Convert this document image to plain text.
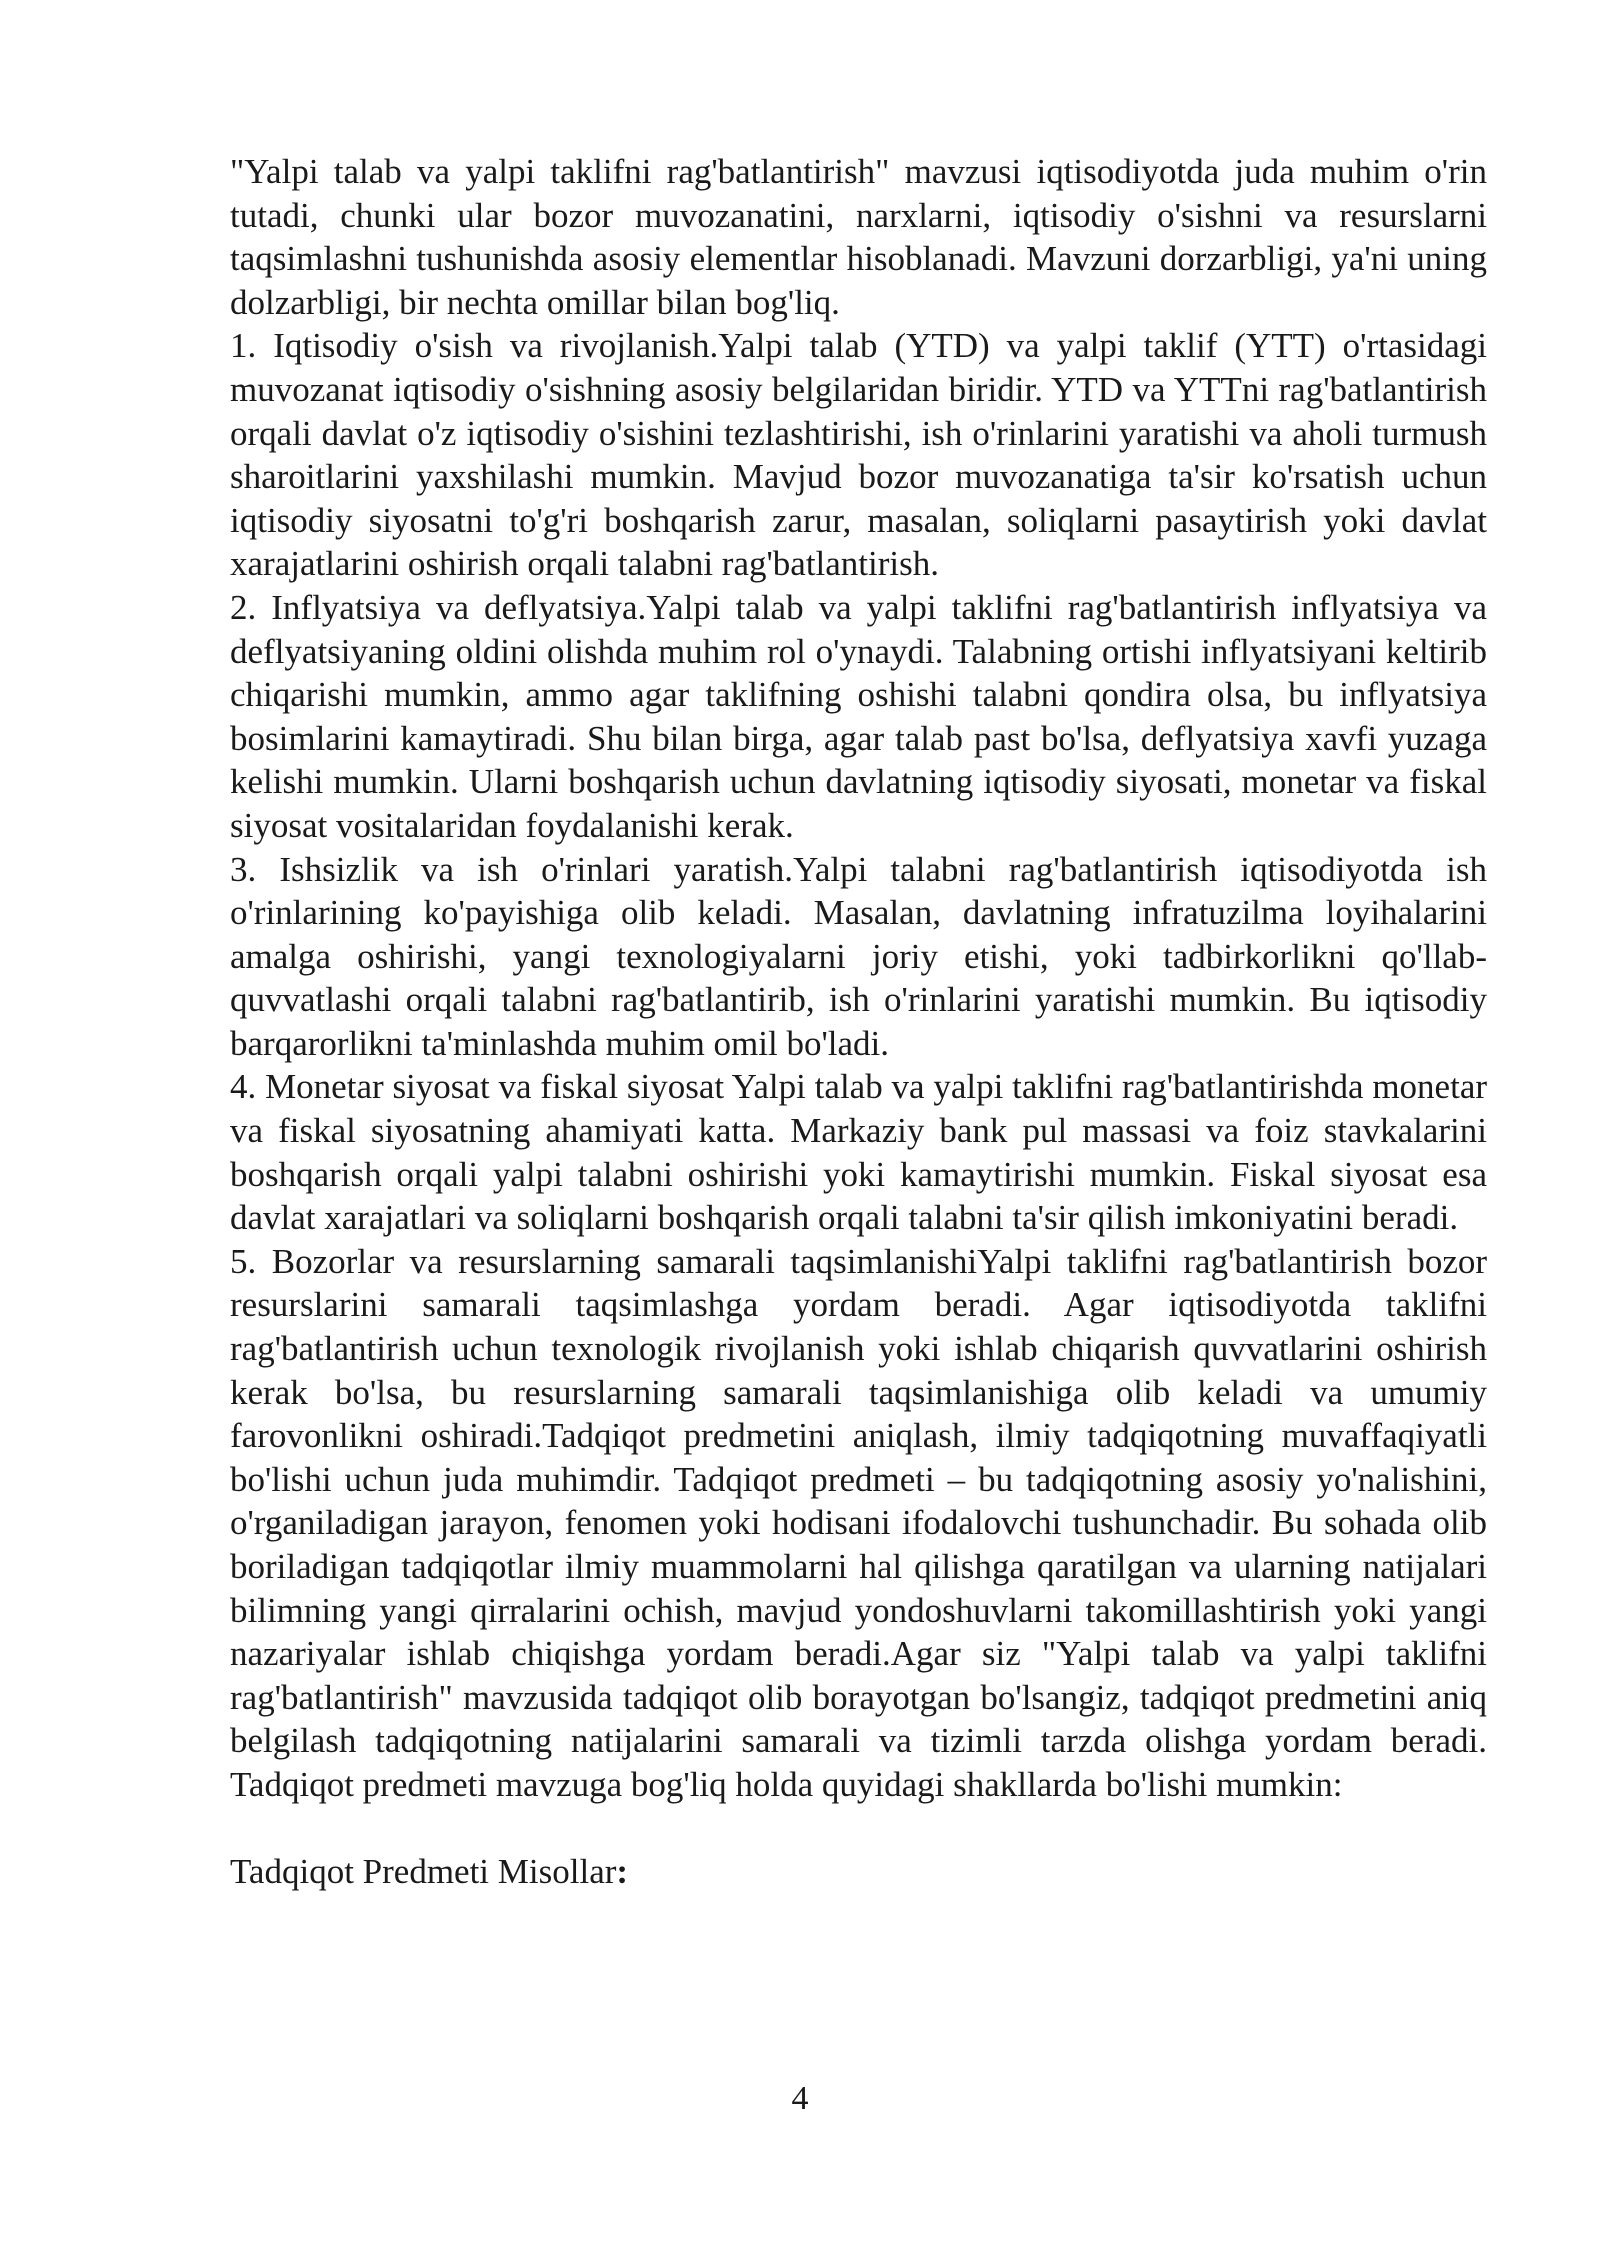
"Yalpi talab va yalpi taklifni rag'batlantirish" mavzusi iqtisodiyotda juda muhim o'rin tutadi, chunki ular bozor muvozanatini, narxlarni, iqtisodiy o'sishni va resurslarni taqsimlashni tushunishda asosiy elementlar hisoblanadi. Mavzuni dorzarbligi, ya'ni uning dolzarbligi, bir nechta omillar bilan bog'liq.

1. Iqtisodiy o'sish va rivojlanish.Yalpi talab (YTD) va yalpi taklif (YTT) o'rtasidagi muvozanat iqtisodiy o'sishning asosiy belgilaridan biridir. YTD va YTTni rag'batlantirish orqali davlat o'z iqtisodiy o'sishini tezlashtirishi, ish o'rinlarini yaratishi va aholi turmush sharoitlarini yaxshilashi mumkin. Mavjud bozor muvozanatiga ta'sir ko'rsatish uchun iqtisodiy siyosatni to'g'ri boshqarish zarur, masalan, soliqlarni pasaytirish yoki davlat xarajatlarini oshirish orqali talabni rag'batlantirish.

2. Inflyatsiya va deflyatsiya.Yalpi talab va yalpi taklifni rag'batlantirish inflyatsiya va deflyatsiyaning oldini olishda muhim rol o'ynaydi. Talabning ortishi inflyatsiyani keltirib chiqarishi mumkin, ammo agar taklifning oshishi talabni qondira olsa, bu inflyatsiya bosimlarini kamaytiradi. Shu bilan birga, agar talab past bo'lsa, deflyatsiya xavfi yuzaga kelishi mumkin. Ularni boshqarish uchun davlatning iqtisodiy siyosati, monetar va fiskal siyosat vositalaridan foydalanishi kerak.

3. Ishsizlik va ish o'rinlari yaratish.Yalpi talabni rag'batlantirish iqtisodiyotda ish o'rinlarining ko'payishiga olib keladi. Masalan, davlatning infratuzilma loyihalarini amalga oshirishi, yangi texnologiyalarni joriy etishi, yoki tadbirkorlikni qo'llab-quvvatlashi orqali talabni rag'batlantirib, ish o'rinlarini yaratishi mumkin. Bu iqtisodiy barqarorlikni ta'minlashda muhim omil bo'ladi.

4. Monetar siyosat va fiskal siyosat Yalpi talab va yalpi taklifni rag'batlantirishda monetar va fiskal siyosatning ahamiyati katta. Markaziy bank pul massasi va foiz stavkalarini boshqarish orqali yalpi talabni oshirishi yoki kamaytirishi mumkin. Fiskal siyosat esa davlat xarajatlari va soliqlarni boshqarish orqali talabni ta'sir qilish imkoniyatini beradi.

5. Bozorlar va resurslarning samarali taqsimlanishiYalpi taklifni rag'batlantirish bozor resurslarini samarali taqsimlashga yordam beradi. Agar iqtisodiyotda taklifni rag'batlantirish uchun texnologik rivojlanish yoki ishlab chiqarish quvvatlarini oshirish kerak bo'lsa, bu resurslarning samarali taqsimlanishiga olib keladi va umumiy farovonlikni oshiradi.Tadqiqot predmetini aniqlash, ilmiy tadqiqotning muvaffaqiyatli bo'lishi uchun juda muhimdir. Tadqiqot predmeti – bu tadqiqotning asosiy yo'nalishini, o'rganiladigan jarayon, fenomen yoki hodisani ifodalovchi tushunchadir. Bu sohada olib boriladigan tadqiqotlar ilmiy muammolarni hal qilishga qaratilgan va ularning natijalari bilimning yangi qirralarini ochish, mavjud yondoshuvlarni takomillashtirish yoki yangi nazariyalar ishlab chiqishga yordam beradi.Agar siz "Yalpi talab va yalpi taklifni rag'batlantirish" mavzusida tadqiqot olib borayotgan bo'lsangiz, tadqiqot predmetini aniq belgilash tadqiqotning natijalarini samarali va tizimli tarzda olishga yordam beradi. Tadqiqot predmeti mavzuga bog'liq holda quyidagi shakllarda bo'lishi mumkin:

Tadqiqot Predmeti Misollar:

4
